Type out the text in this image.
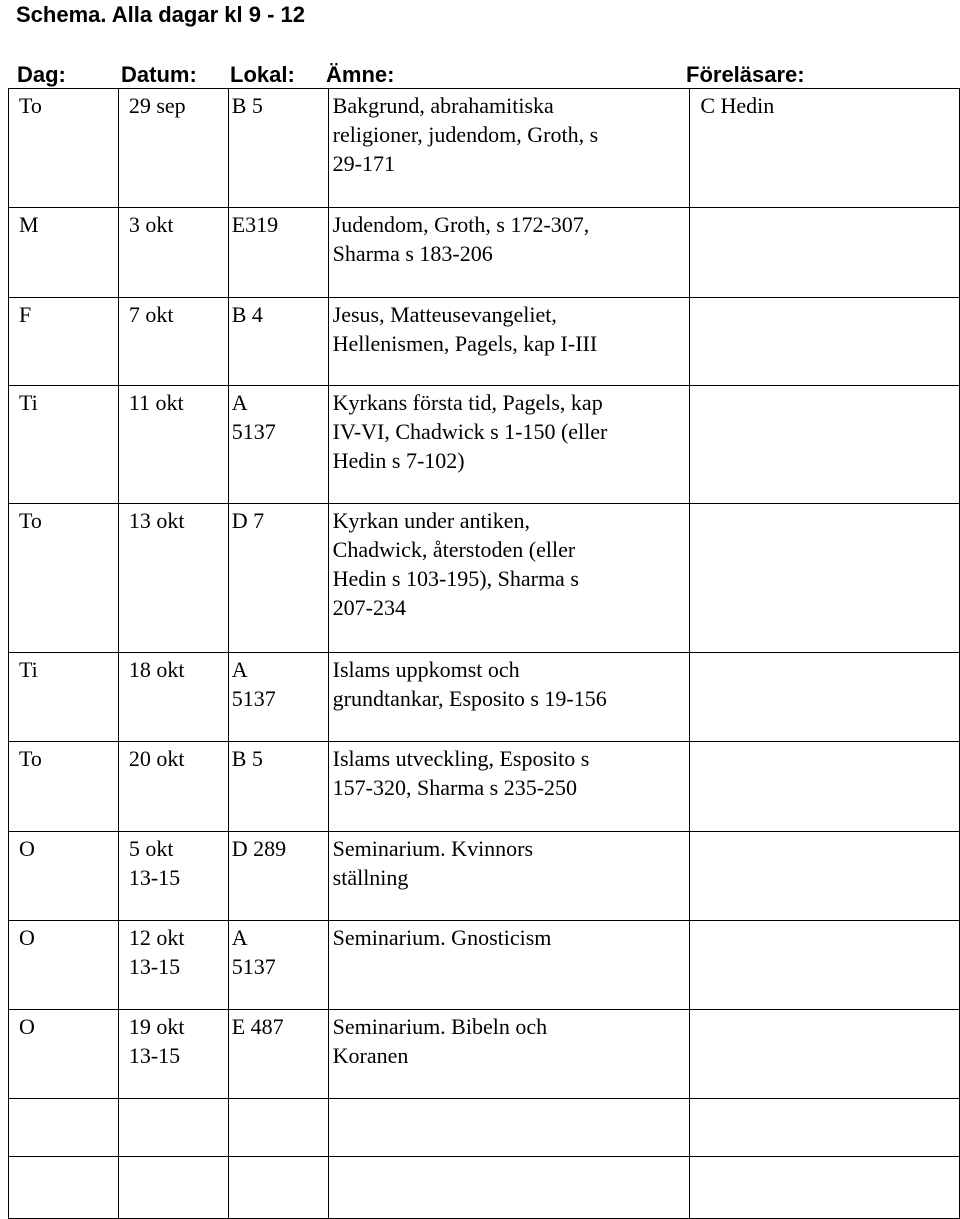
Schema. Alla dagar kl 9 - 12
Dag:	Datum: Lokal: Ämne:	Föreläsare:
To	29 sep	B 5	Bakgrund, abrahamitiska
religioner, judendom, Groth, s
29-171	C Hedin

M	3 okt	E319	Judendom, Groth, s 172-307,
Sharma s 183-206	

F	7 okt	B 4	Jesus, Matteusevangeliet,
Hellenismen, Pagels, kap I-III	

Ti	11 okt	A
5137	Kyrkans första tid, Pagels, kap
IV-VI, Chadwick s 1-150 (eller
Hedin s 7-102)	

To	13 okt	D 7	Kyrkan under antiken,
Chadwick, återstoden (eller
Hedin s 103-195), Sharma s
207-234	

Ti	18 okt	A
5137	Islams uppkomst och
grundtankar, Esposito s 19-156	

To	20 okt	B 5	Islams utveckling, Esposito s
157-320, Sharma s 235-250	

O	5 okt
13-15	D 289	Seminarium. Kvinnors
ställning	

O	12 okt
13-15	A
5137	Seminarium. Gnosticism	

O	19 okt
13-15	E 487	Seminarium. Bibeln och
Koranen	
